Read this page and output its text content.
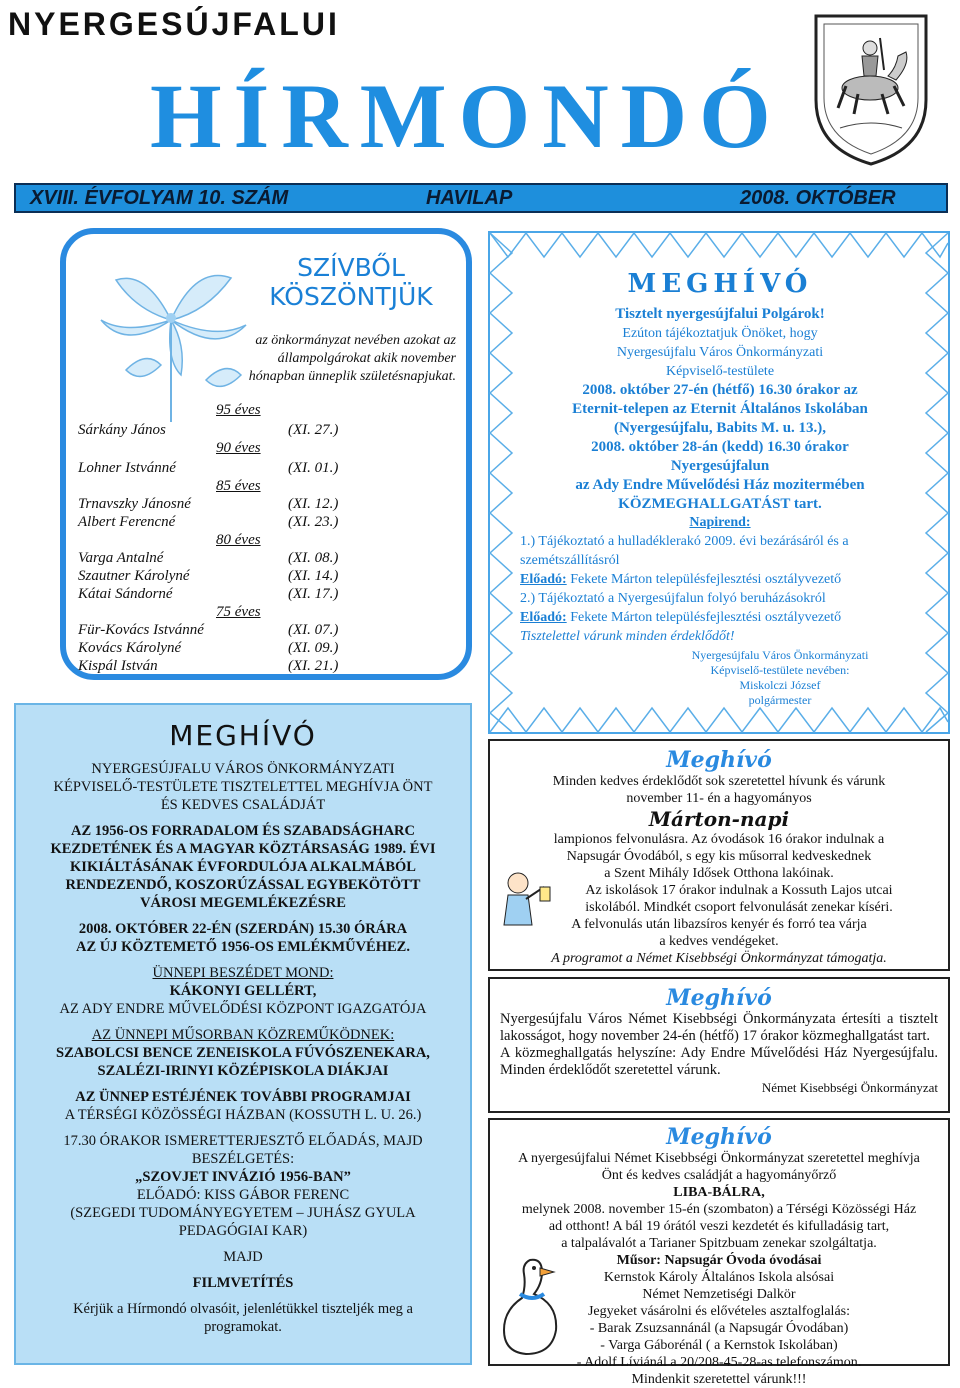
NYERGESÚJFALUI
HÍRMONDÓ
XVIII. ÉVFOLYAM 10. SZÁM	HAVILAP	2008. OKTÓBER
SZÍVBŐL
KÖSZÖNTJÜK
az önkormányzat nevében azokat az
állampolgárokat akik november
hónapban ünneplik születésnapjukat.
95 éves
Sárkány János	(XI. 27.)
90 éves
Lohner Istvánné	(XI. 01.)
85 éves
Trnavszky Jánosné	(XI. 12.)
Albert Ferencné	(XI. 23.)
80 éves
Varga Antalné	(XI. 08.)
Szautner Károlyné	(XI. 14.)
Kátai Sándorné	(XI. 17.)
75 éves
Für-Kovács Istvánné	(XI. 07.)
Kovács Károlyné	(XI. 09.)
Kispál István	(XI. 21.)
MEGHÍVÓ
Tisztelt nyergesújfalui Polgárok!
Ezúton tájékoztatjuk Önöket, hogy
Nyergesújfalu Város Önkormányzati
Képviselő-testülete
2008. október 27-én (hétfő) 16.30 órakor az
Eternit-telepen az Eternit Általános Iskolában
(Nyergesújfalu, Babits M. u. 13.),
2008. október 28-án (kedd) 16.30 órakor
Nyergesújfalun
az Ady Endre Művelődési Ház mozitermében
KÖZMEGHALLGATÁST tart.
Napirend:
1.) Tájékoztató a hulladéklerakó 2009. évi bezárásáról és a szemétszállításról
Előadó: Fekete Márton településfejlesztési osztályvezető
2.) Tájékoztató a Nyergesújfalun folyó beruházásokról
Előadó: Fekete Márton településfejlesztési osztályvezető
Tisztelettel várunk minden érdeklődőt!
Nyergesújfalu Város Önkormányzati
Képviselő-testülete nevében:
Miskolczi József
polgármester
MEGHÍVÓ

NYERGESÚJFALU VÁROS ÖNKORMÁNYZATI

KÉPVISELŐ-TESTÜLETE TISZTELETTEL MEGHÍVJA ÖNT

ÉS KEDVES CSALÁDJÁT

AZ 1956-OS FORRADALOM ÉS SZABADSÁGHARC

KEZDETÉNEK ÉS A MAGYAR KÖZTÁRSASÁG 1989. ÉVI

KIKIÁLTÁSÁNAK ÉVFORDULÓJA ALKALMÁBÓL

RENDEZENDŐ, KOSZORÚZÁSSAL EGYBEKÖTÖTT

VÁROSI MEGEMLÉKEZÉSRE

2008. OKTÓBER 22-ÉN (SZERDÁN) 15.30 ÓRÁRA

AZ ÚJ KÖZTEMETŐ 1956-OS EMLÉKMŰVÉHEZ.

ÜNNEPI BESZÉDET MOND:

KÁKONYI GELLÉRT,

AZ ADY ENDRE MŰVELŐDÉSI KÖZPONT IGAZGATÓJA

AZ ÜNNEPI MŰSORBAN KÖZREMŰKÖDNEK:

SZABOLCSI BENCE ZENEISKOLA FÚVÓSZENEKARA,

SZALÉZI-IRINYI KÖZÉPISKOLA DIÁKJAI

AZ ÜNNEP ESTÉJÉNEK TOVÁBBI PROGRAMJAI

A TÉRSÉGI KÖZÖSSÉGI HÁZBAN (KOSSUTH L. U. 26.)

17.30 ÓRAKOR ISMERETTERJESZTŐ ELŐADÁS, MAJD

BESZÉLGETÉS:

„SZOVJET INVÁZIÓ 1956-BAN”

ELŐADÓ: KISS GÁBOR FERENC

(SZEGEDI TUDOMÁNYEGYETEM – JUHÁSZ GYULA

PEDAGÓGIAI KAR)

MAJD

FILMVETÍTÉS

Kérjük a Hírmondó olvasóit, jelenlétükkel tiszteljék meg a

programokat.

Meghívó

Minden kedves érdeklődőt sok szeretettel hívunk és várunk

november 11- én a hagyományos

Márton-napi

lampionos felvonulásra. Az óvodások 16 órakor indulnak a

Napsugár Óvodából, s egy kis műsorral kedveskednek

a Szent Mihály Idősek Otthona lakóinak.

Az iskolások 17 órakor indulnak a Kossuth Lajos utcai

iskolából. Mindkét csoport felvonulását zenekar kíséri.

A felvonulás után libazsíros kenyér és forró tea várja

a kedves vendégeket.

A programot a Német Kisebbségi Önkormányzat támogatja.

Meghívó

Nyergesújfalu Város Német Kisebbségi Önkormányzata értesíti a tisztelt lakosságot, hogy november 24-én (hétfő) 17 órakor közmeghallgatást tart.

A közmeghallgatás helyszíne: Ady Endre Művelődési Ház Nyergesújfalu. Minden érdeklődőt szeretettel várunk.

Német Kisebbségi Önkormányzat

Meghívó

A nyergesújfalui Német Kisebbségi Önkormányzat szeretettel meghívja

Önt és kedves családját a hagyományőrző

LIBA-BÁLRA,

melynek 2008. november 15-én (szombaton) a Térségi Közösségi Ház

ad otthont! A bál 19 órától veszi kezdetét és kifulladásig tart,

a talpalávalót a Tarianer Spitzbuam zenekar szolgáltatja.

Műsor: Napsugár Óvoda óvodásai

Kernstok Károly Általános Iskola alsósai

Német Nemzetiségi Dalkör

Jegyeket vásárolni és elővételes asztalfoglalás:

- Barak Zsuzsannánál (a Napsugár Óvodában)

- Varga Gáborénál ( a Kernstok Iskolában)

- Adolf Líviánál a 20/208-45-28-as telefonszámon.

Mindenkit szeretettel várunk!!!
